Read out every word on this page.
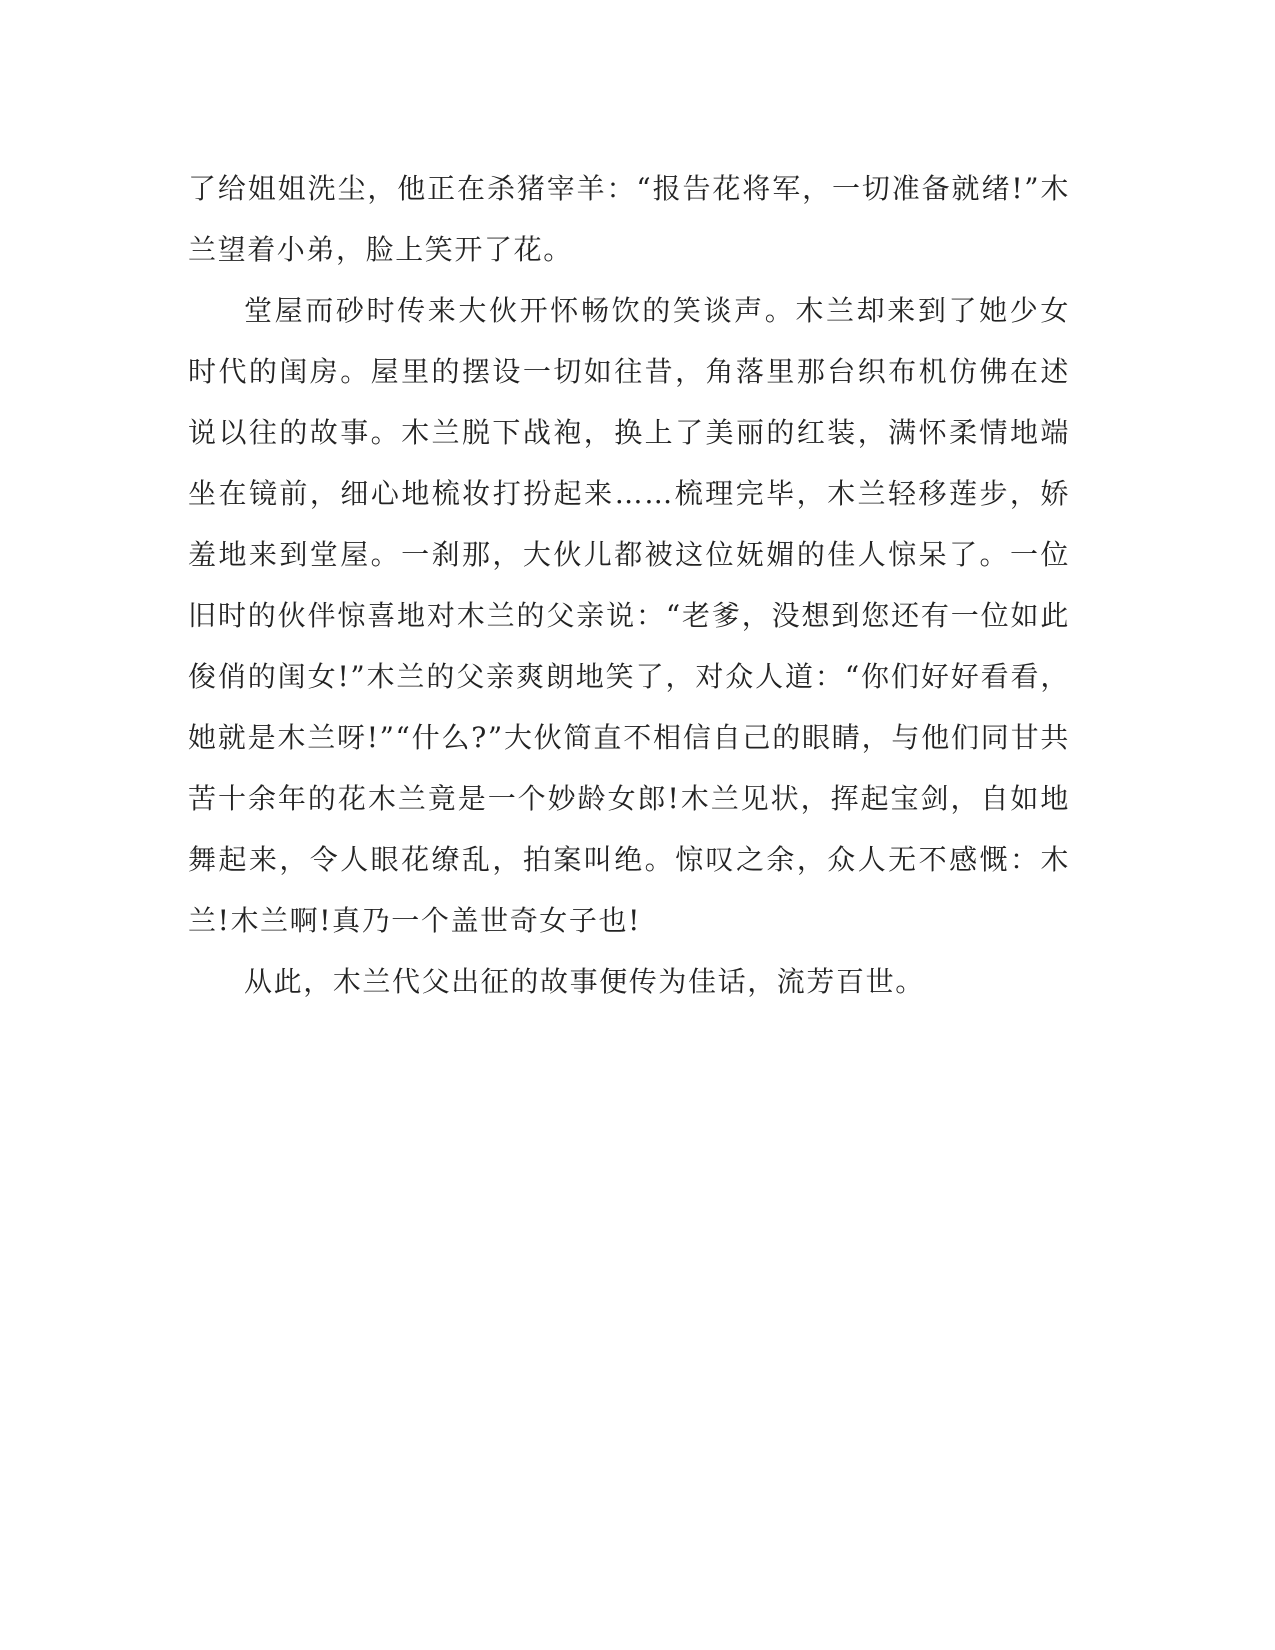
了给姐姐洗尘，他正在杀猪宰羊：“报告花将军，一切准备就绪!”木兰望着小弟，脸上笑开了花。

堂屋而砂时传来大伙开怀畅饮的笑谈声。木兰却来到了她少女时代的闺房。屋里的摆设一切如往昔，角落里那台织布机仿佛在述说以往的故事。木兰脱下战袍，换上了美丽的红装，满怀柔情地端坐在镜前，细心地梳妆打扮起来……梳理完毕，木兰轻移莲步，娇羞地来到堂屋。一刹那，大伙儿都被这位妩媚的佳人惊呆了。一位旧时的伙伴惊喜地对木兰的父亲说：“老爹，没想到您还有一位如此俊俏的闺女!”木兰的父亲爽朗地笑了，对众人道：“你们好好看看，她就是木兰呀!”“什么?”大伙简直不相信自己的眼睛，与他们同甘共苦十余年的花木兰竟是一个妙龄女郎!木兰见状，挥起宝剑，自如地舞起来，令人眼花缭乱，拍案叫绝。惊叹之余，众人无不感慨：木兰!木兰啊!真乃一个盖世奇女子也!

从此，木兰代父出征的故事便传为佳话，流芳百世。
